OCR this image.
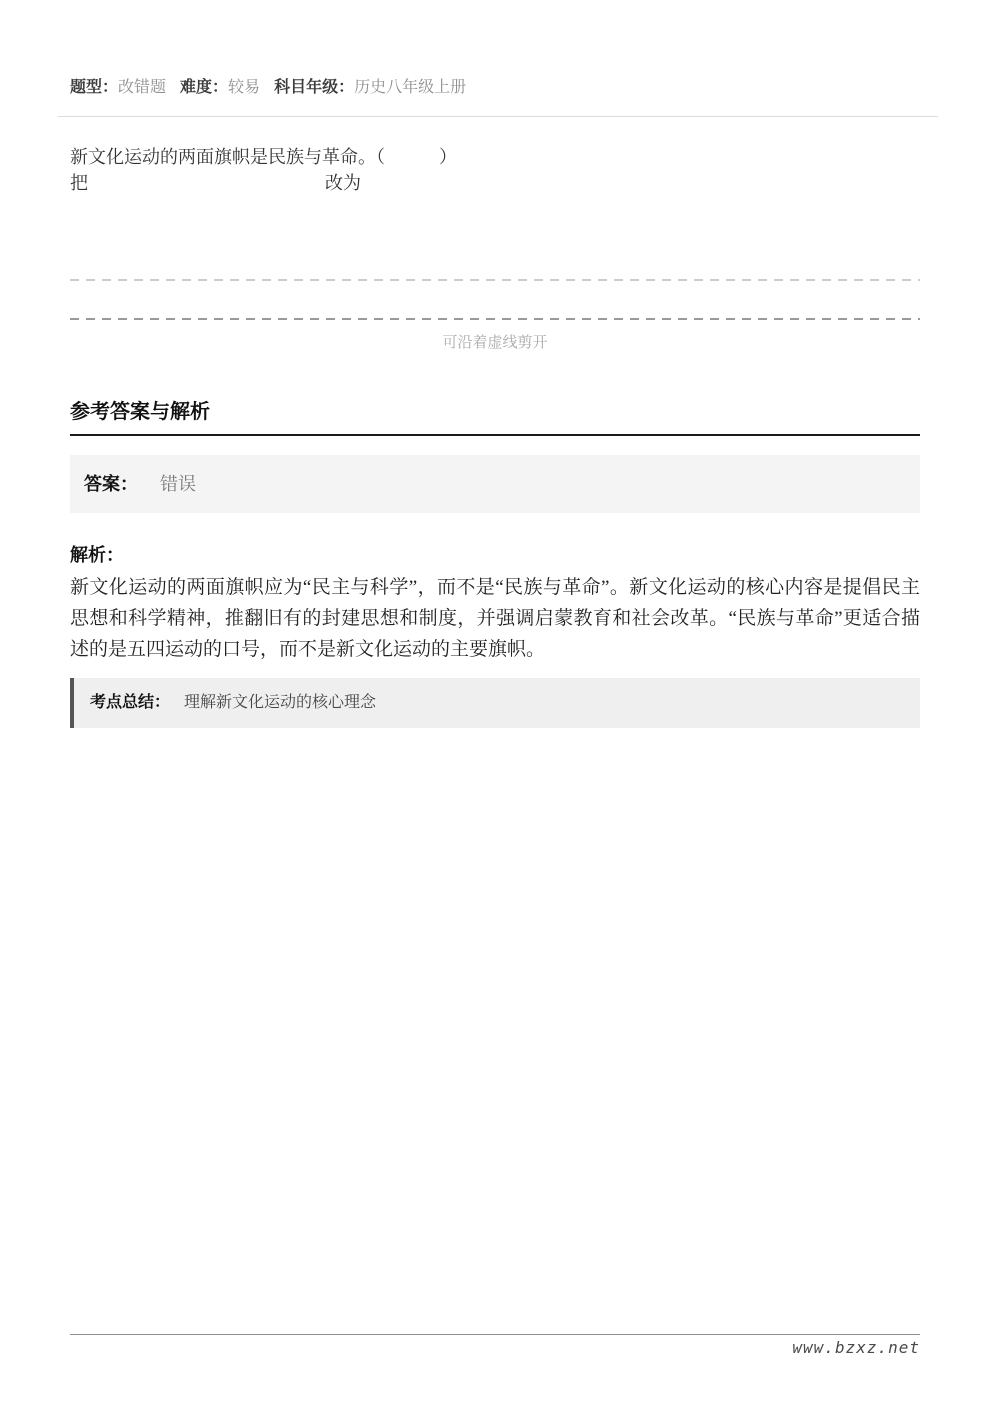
题型：改错题 难度：较易 科目年级：历史八年级上册
新文化运动的两面旗帜是民族与革命。（　　　）
把	改为
可沿着虚线剪开
参考答案与解析
答案： 错误
解析：
新文化运动的两面旗帜应为“民主与科学”，而不是“民族与革命”。新文化运动的核心内容是提倡民主思想和科学精神，推翻旧有的封建思想和制度，并强调启蒙教育和社会改革。“民族与革命”更适合描述的是五四运动的口号，而不是新文化运动的主要旗帜。
考点总结： 理解新文化运动的核心理念
www.bzxz.net
